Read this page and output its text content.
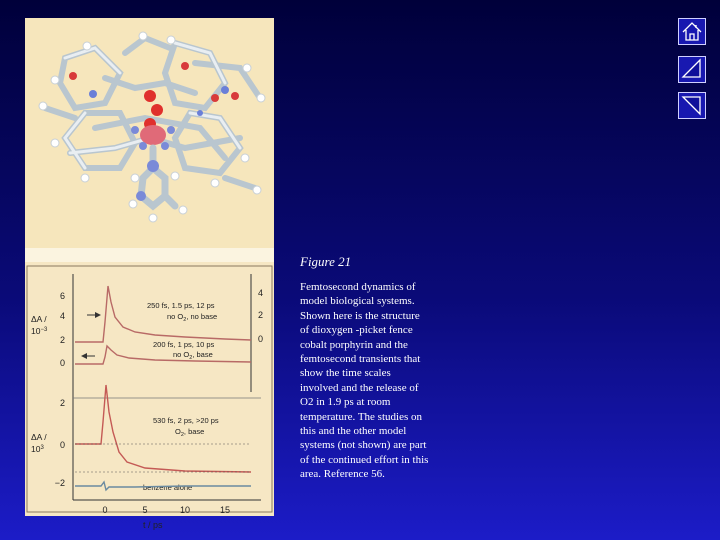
6
4
2
0
4
2
0
2
0
−2
0	5	10	15
ΔA /
$10^{-3}$
ΔA /
$10^3$
t / ps
250 fs, 1.5 ps, 12 ps
no $O_2$, no base
200 fs, 1 ps, 10 ps
no $O_2$, base
530 fs, 2 ps, >20 ps
$O_2$, base
benzene alone
Figure 21
Femtosecond dynamics of model biological systems. Shown here is the structure of dioxygen -picket fence cobalt porphyrin and the femtosecond transients that show the time scales involved and the release of O2 in 1.9 ps at room temperature. The studies on this and the other model systems (not shown) are part of the continued effort in this area. Reference 56.
